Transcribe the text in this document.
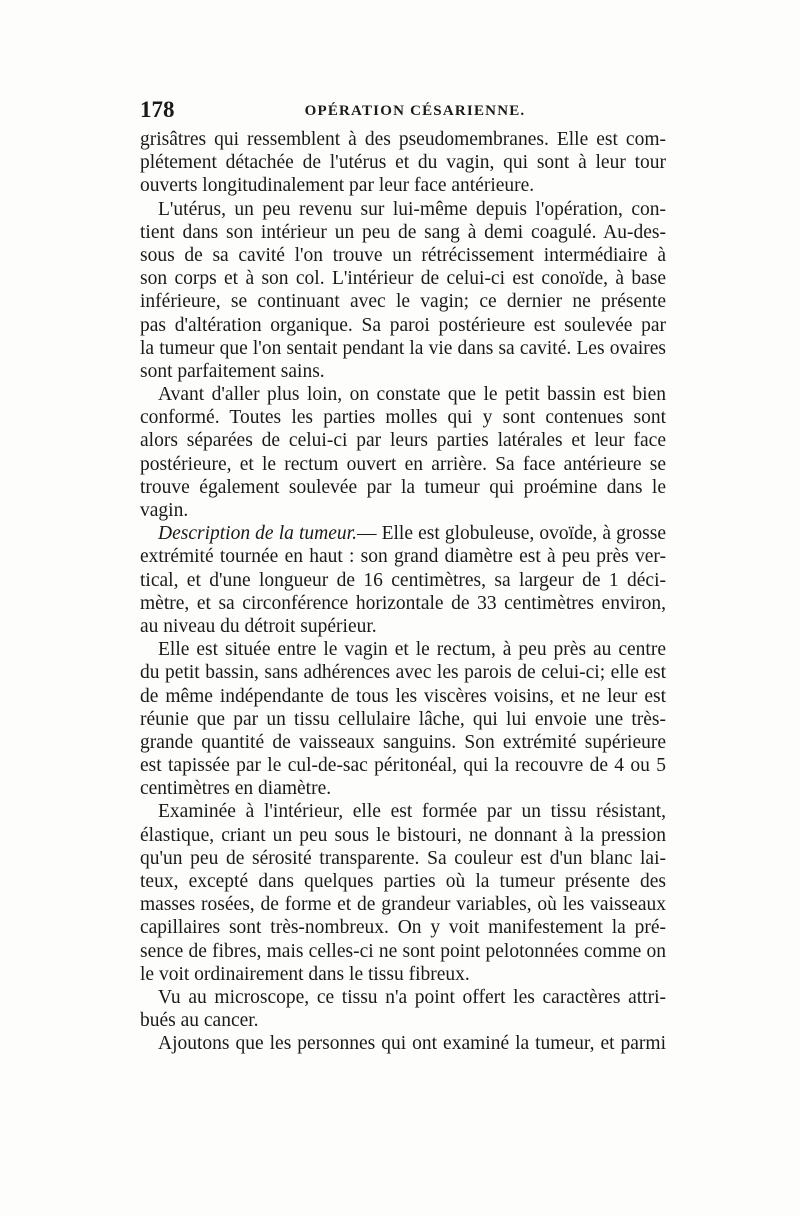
178	OPÉRATION CÉSARIENNE.
grisâtres qui ressemblent à des pseudomembranes. Elle est com-
plétement détachée de l'utérus et du vagin, qui sont à leur tour
ouverts longitudinalement par leur face antérieure.
L'utérus, un peu revenu sur lui-même depuis l'opération, con-
tient dans son intérieur un peu de sang à demi coagulé. Au-des-
sous de sa cavité l'on trouve un rétrécissement intermédiaire à
son corps et à son col. L'intérieur de celui-ci est conoïde, à base
inférieure, se continuant avec le vagin; ce dernier ne présente
pas d'altération organique. Sa paroi postérieure est soulevée par
la tumeur que l'on sentait pendant la vie dans sa cavité. Les ovaires
sont parfaitement sains.
Avant d'aller plus loin, on constate que le petit bassin est bien
conformé. Toutes les parties molles qui y sont contenues sont
alors séparées de celui-ci par leurs parties latérales et leur face
postérieure, et le rectum ouvert en arrière. Sa face antérieure se
trouve également soulevée par la tumeur qui proémine dans le
vagin.
Description de la tumeur.— Elle est globuleuse, ovoïde, à grosse
extrémité tournée en haut : son grand diamètre est à peu près ver-
tical, et d'une longueur de 16 centimètres, sa largeur de 1 déci-
mètre, et sa circonférence horizontale de 33 centimètres environ,
au niveau du détroit supérieur.
Elle est située entre le vagin et le rectum, à peu près au centre
du petit bassin, sans adhérences avec les parois de celui-ci; elle est
de même indépendante de tous les viscères voisins, et ne leur est
réunie que par un tissu cellulaire lâche, qui lui envoie une très-
grande quantité de vaisseaux sanguins. Son extrémité supérieure
est tapissée par le cul-de-sac péritonéal, qui la recouvre de 4 ou 5
centimètres en diamètre.
Examinée à l'intérieur, elle est formée par un tissu résistant,
élastique, criant un peu sous le bistouri, ne donnant à la pression
qu'un peu de sérosité transparente. Sa couleur est d'un blanc lai-
teux, excepté dans quelques parties où la tumeur présente des
masses rosées, de forme et de grandeur variables, où les vaisseaux
capillaires sont très-nombreux. On y voit manifestement la pré-
sence de fibres, mais celles-ci ne sont point pelotonnées comme on
le voit ordinairement dans le tissu fibreux.
Vu au microscope, ce tissu n'a point offert les caractères attri-
bués au cancer.
Ajoutons que les personnes qui ont examiné la tumeur, et parmi
